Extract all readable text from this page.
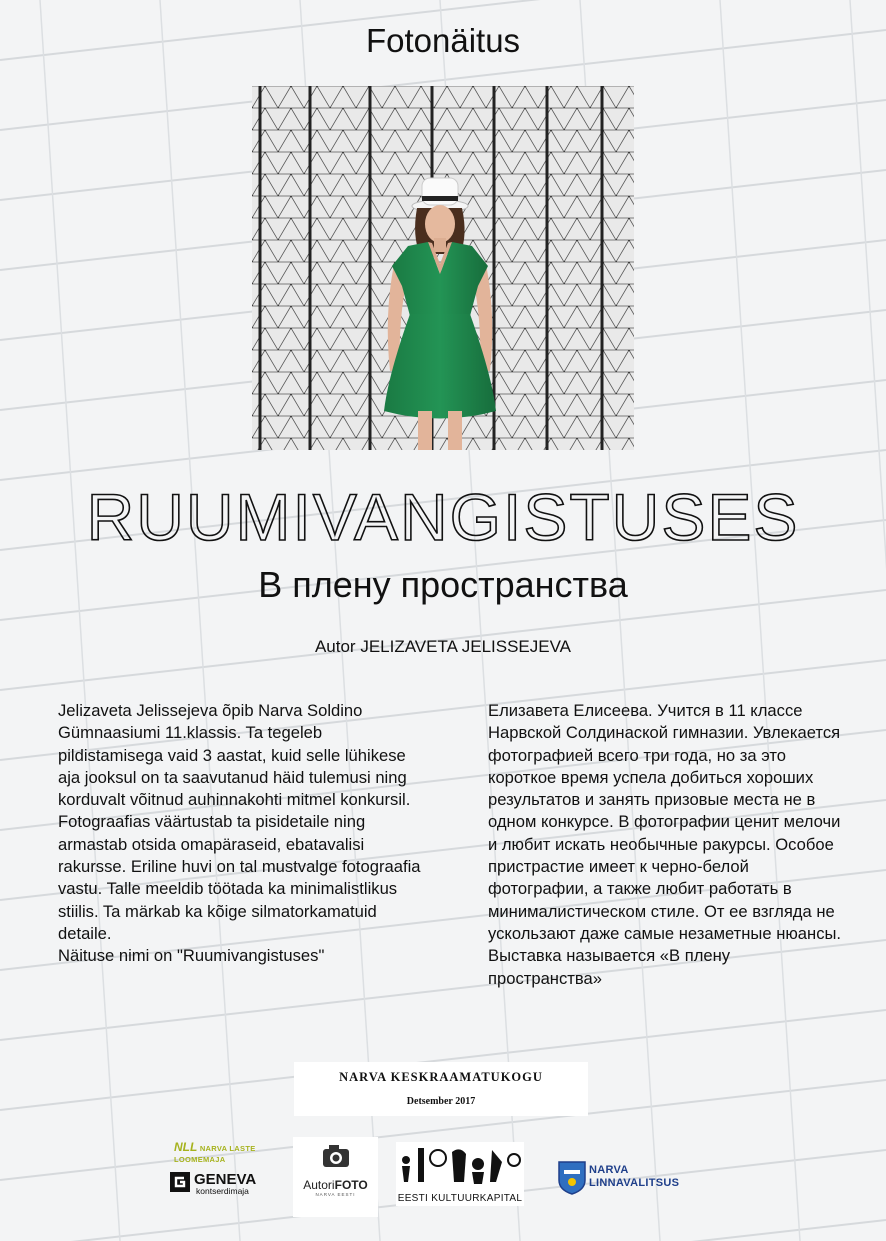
Fotonäitus
RUUMIVANGISTUSES
В плену пространства
Autor JELIZAVETA JELISSEJEVA

Jelizaveta Jelissejeva õpib Narva Soldino Gümnaasiumi 11.klassis. Ta tegeleb pildistamisega vaid 3 aastat, kuid selle lühikese aja jooksul on ta saavutanud häid tulemusi ning korduvalt võitnud auhinnakohti mitmel konkursil. Fotograafias väärtustab ta pisidetaile ning armastab otsida omapäraseid, ebatavalisi rakursse. Eriline huvi on tal mustvalge fotograafia vastu. Talle meeldib töötada ka minimalistlikus stiilis. Ta märkab ka kõige silmatorkamatuid detaile.

Näituse nimi on "Ruumivangistuses"

Елизавета Елисеева. Учится в 11 классе Нарвской Солдинаской гимназии. Увлекается фотографией всего три года, но за это короткое время успела добиться хороших результатов и занять призовые места не в одном конкурсе. В фотографии ценит мелочи и любит искать необычные ракурсы. Особое пристрастие имеет к черно-белой фотографии, а также любит работать в минималистическом стиле. От ее взгляда не ускользают даже самые незаметные нюансы. Выставка называется «В плену пространства»

NARVA KESKRAAMATUKOGU
Detsember 2017
NLL NARVA LASTE LOOMEMAJA
GENEVA
kontserdimaja	AutoriFOTO
NARVA EESTI	EESTI KULTUURKAPITAL
NARVA
LINNAVALITSUS
